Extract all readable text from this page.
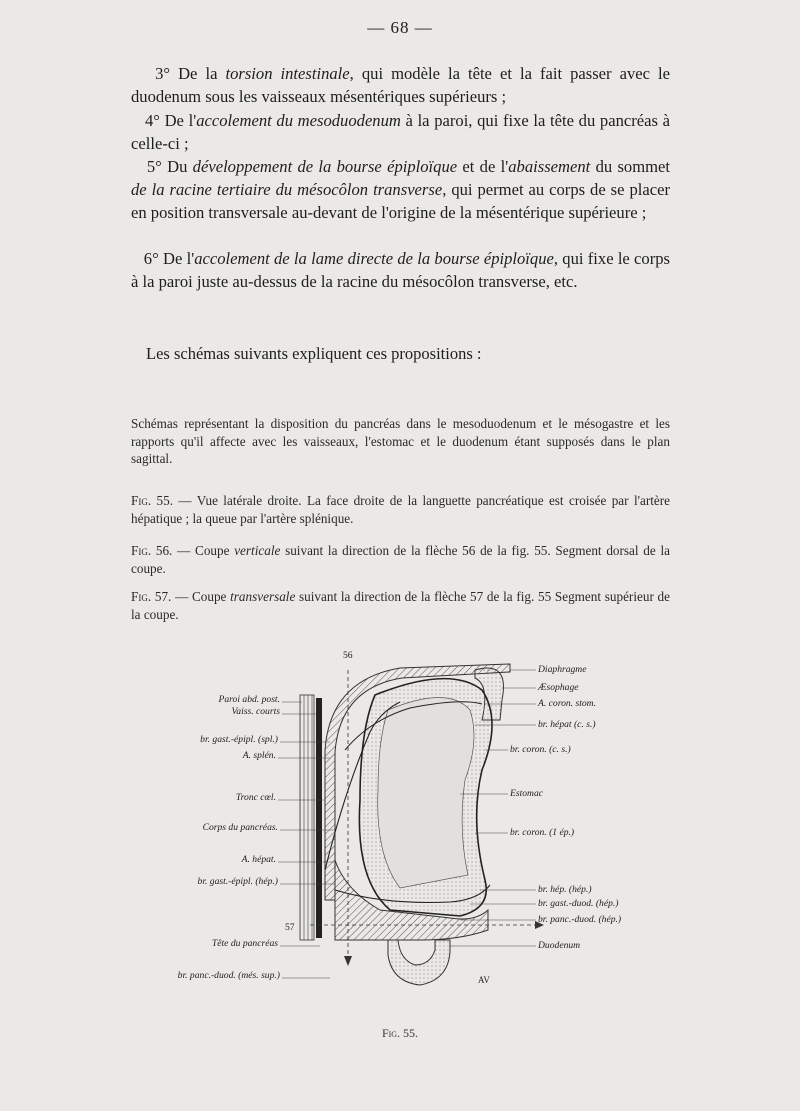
— 68 —
3° De la torsion intestinale, qui modèle la tête et la fait passer avec le duodenum sous les vaisseaux mésentériques supérieurs ;
4° De l'accolement du mesoduodenum à la paroi, qui fixe la tête du pancréas à celle-ci ;
5° Du développement de la bourse épiploïque et de l'abaissement du sommet de la racine tertiaire du mésocôlon transverse, qui permet au corps de se placer en position transversale au-devant de l'origine de la mésentérique supérieure ;
6° De l'accolement de la lame directe de la bourse épiploïque, qui fixe le corps à la paroi juste au-dessus de la racine du mésocôlon transverse, etc.
Les schémas suivants expliquent ces propositions :
Schémas représentant la disposition du pancréas dans le mesoduodenum et le mésogastre et les rapports qu'il affecte avec les vaisseaux, l'estomac et le duodenum étant supposés dans le plan sagittal.
Fig. 55. — Vue latérale droite. La face droite de la languette pancréatique est croisée par l'artère hépatique ; la queue par l'artère splénique.
Fig. 56. — Coupe verticale suivant la direction de la flèche 56 de la fig. 55. Segment dorsal de la coupe.
Fig. 57. — Coupe transversale suivant la direction de la flèche 57 de la fig. 55 Segment supérieur de la coupe.
56
57
Paroi abd. post.
Vaiss. courts
br. gast.-épipl. (spl.)
A. splén.
Tronc cœl.
Corps du pancréas.
A. hépat.
br. gast.-épipl. (hép.)
Tête du pancréas
br. panc.-duod. (més. sup.)
Diaphragme
Æsophage
A. coron. stom.
br. hépat (c. s.)
br. coron. (c. s.)
Estomac
br. coron. (1 ép.)
br. hép. (hép.)
br. gast.-duod. (hép.)
br. panc.-duod. (hép.)
Duodenum
AV
Fig. 55.
